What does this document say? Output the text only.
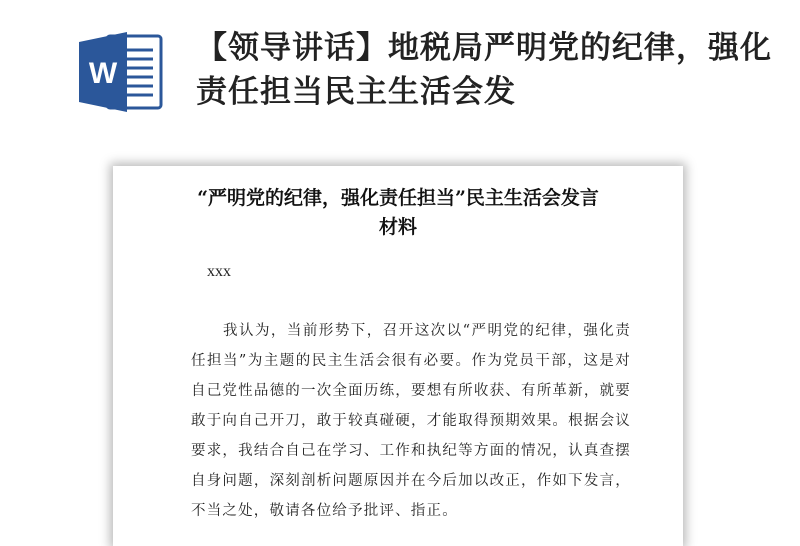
W
【领导讲话】地税局严明党的纪律，强化责任担当民主生活会发
“严明党的纪律，强化责任担当”民主生活会发言材料

xxx

我认为，当前形势下，召开这次以“严明党的纪律，强化责任担当”为主题的民主生活会很有必要。作为党员干部，这是对自己党性品德的一次全面历练，要想有所收获、有所革新，就要敢于向自己开刀，敢于较真碰硬，才能取得预期效果。根据会议要求，我结合自己在学习、工作和执纪等方面的情况，认真查摆自身问题，深刻剖析问题原因并在今后加以改正，作如下发言，不当之处，敬请各位给予批评、指正。
